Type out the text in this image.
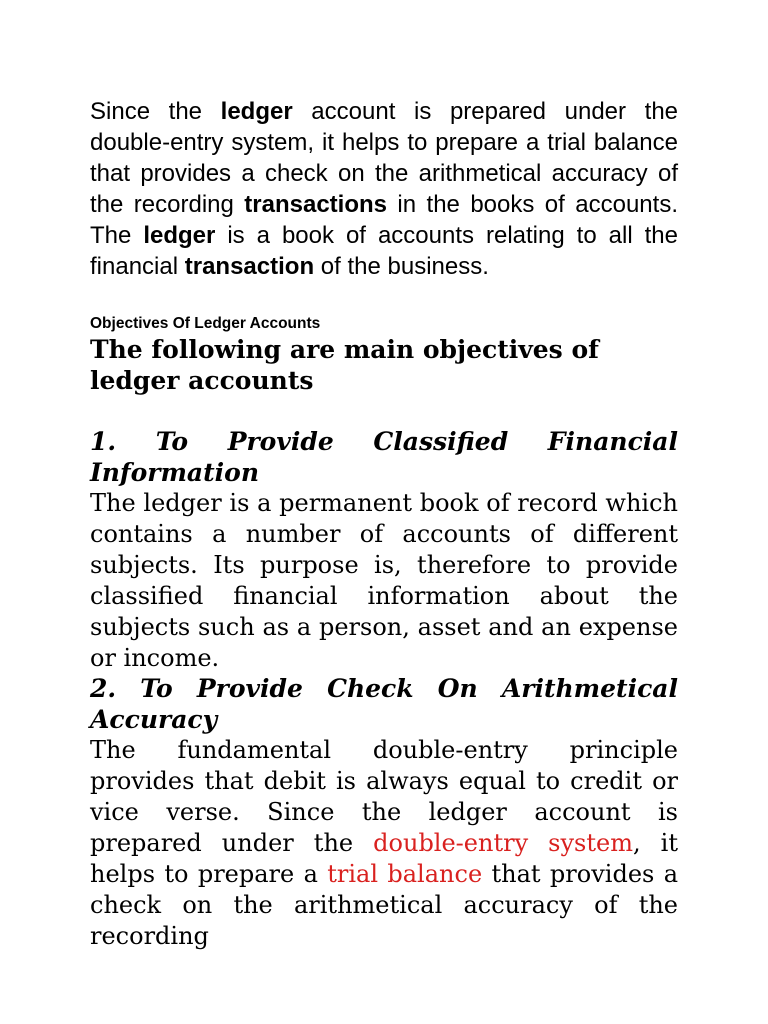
Since the ledger account is prepared under the double-entry system, it helps to prepare a trial balance that provides a check on the arithmetical accuracy of the recording transactions in the books of accounts. The ledger is a book of accounts relating to all the financial transaction of the business.
Objectives Of Ledger Accounts
The following are main objectives of ledger accounts
1. To Provide Classified Financial Information
The ledger is a permanent book of record which contains a number of accounts of different subjects. Its purpose is, therefore to provide classified financial information about the subjects such as a person, asset and an expense or income.
2. To Provide Check On Arithmetical Accuracy
The fundamental double-entry principle provides that debit is always equal to credit or vice verse. Since the ledger account is prepared under the double-entry system, it helps to prepare a trial balance that provides a check on the arithmetical accuracy of the recording
